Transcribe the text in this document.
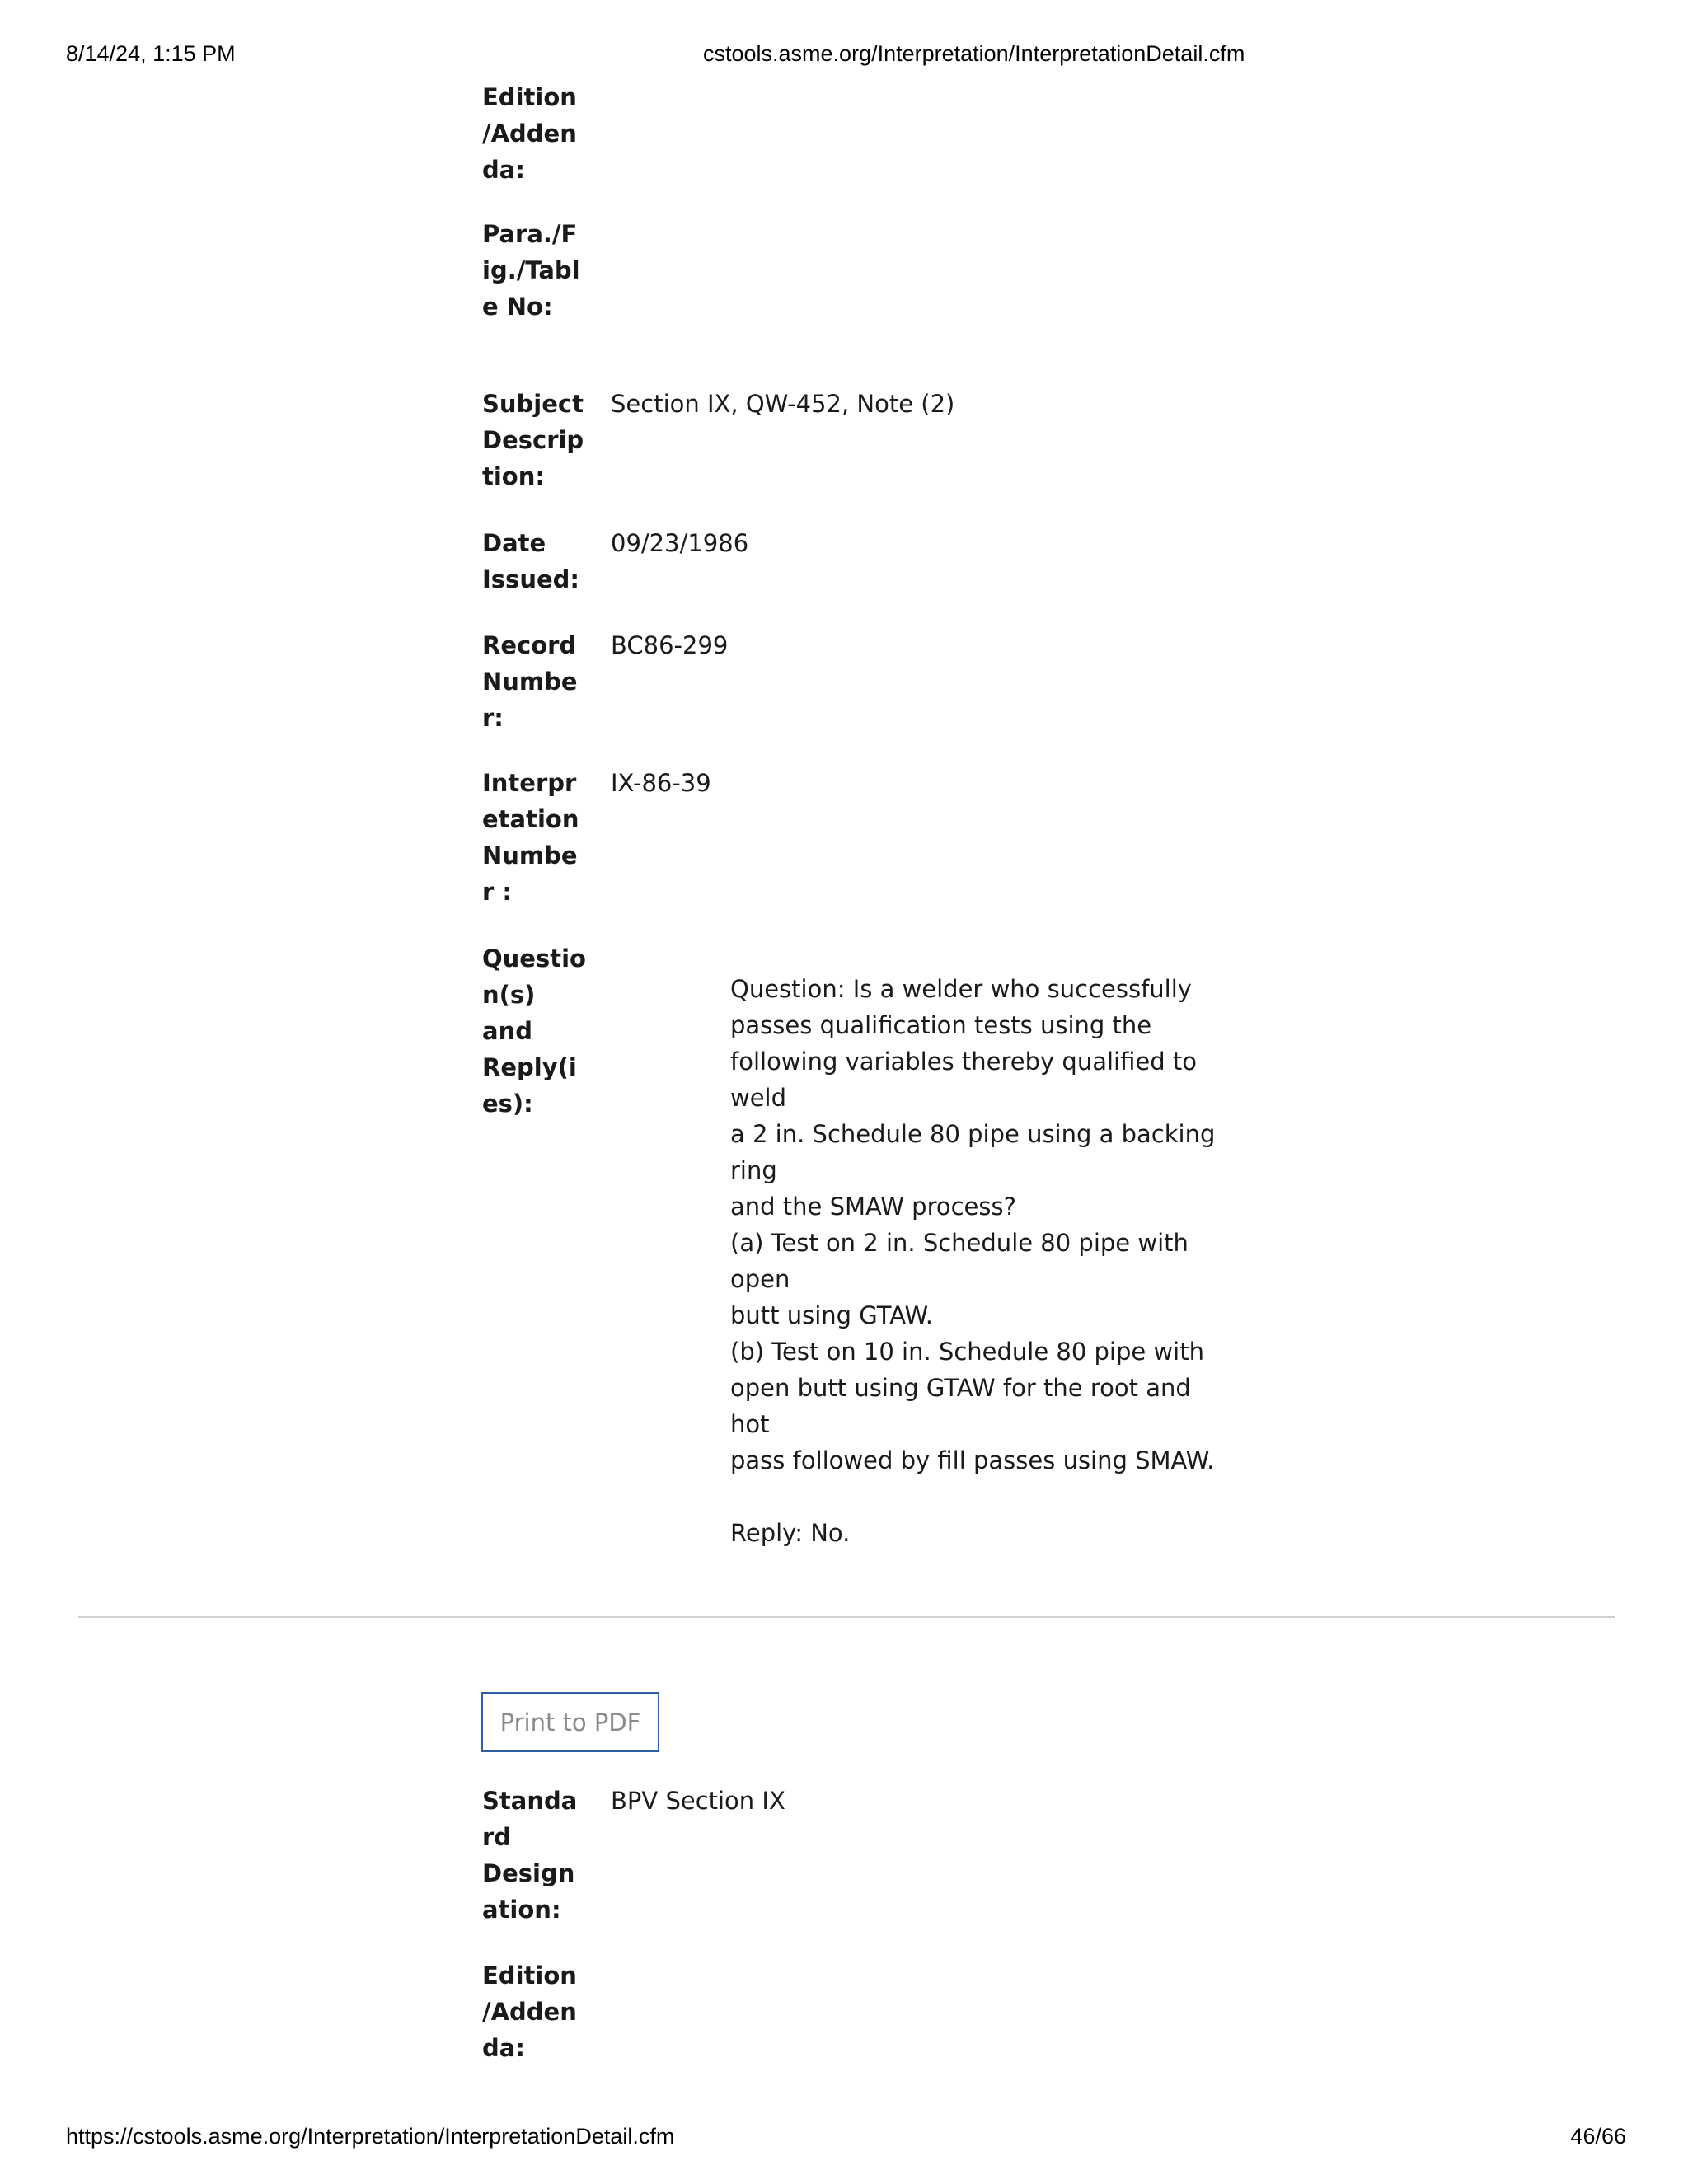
8/14/24, 1:15 PM	cstools.asme.org/Interpretation/InterpretationDetail.cfm
Edition
/Adden
da:
Para./F
ig./Tabl
e No:
Subject
Descrip
tion:
Section IX, QW-452, Note (2)
Date
Issued:
09/23/1986
Record
Numbe
r:
BC86-299
Interpr
etation
Numbe
r :
IX-86-39
Questio
n(s)
and
Reply(i
es):
Question: Is a welder who successfully
passes qualification tests using the
following variables thereby qualified to weld
a 2 in. Schedule 80 pipe using a backing ring
and the SMAW process?
(a) Test on 2 in. Schedule 80 pipe with open
butt using GTAW.
(b) Test on 10 in. Schedule 80 pipe with
open butt using GTAW for the root and hot
pass followed by fill passes using SMAW.

Reply: No.
Print to PDF
Standa
rd
Design
ation:
BPV Section IX
Edition
/Adden
da:
https://cstools.asme.org/Interpretation/InterpretationDetail.cfm	46/66
